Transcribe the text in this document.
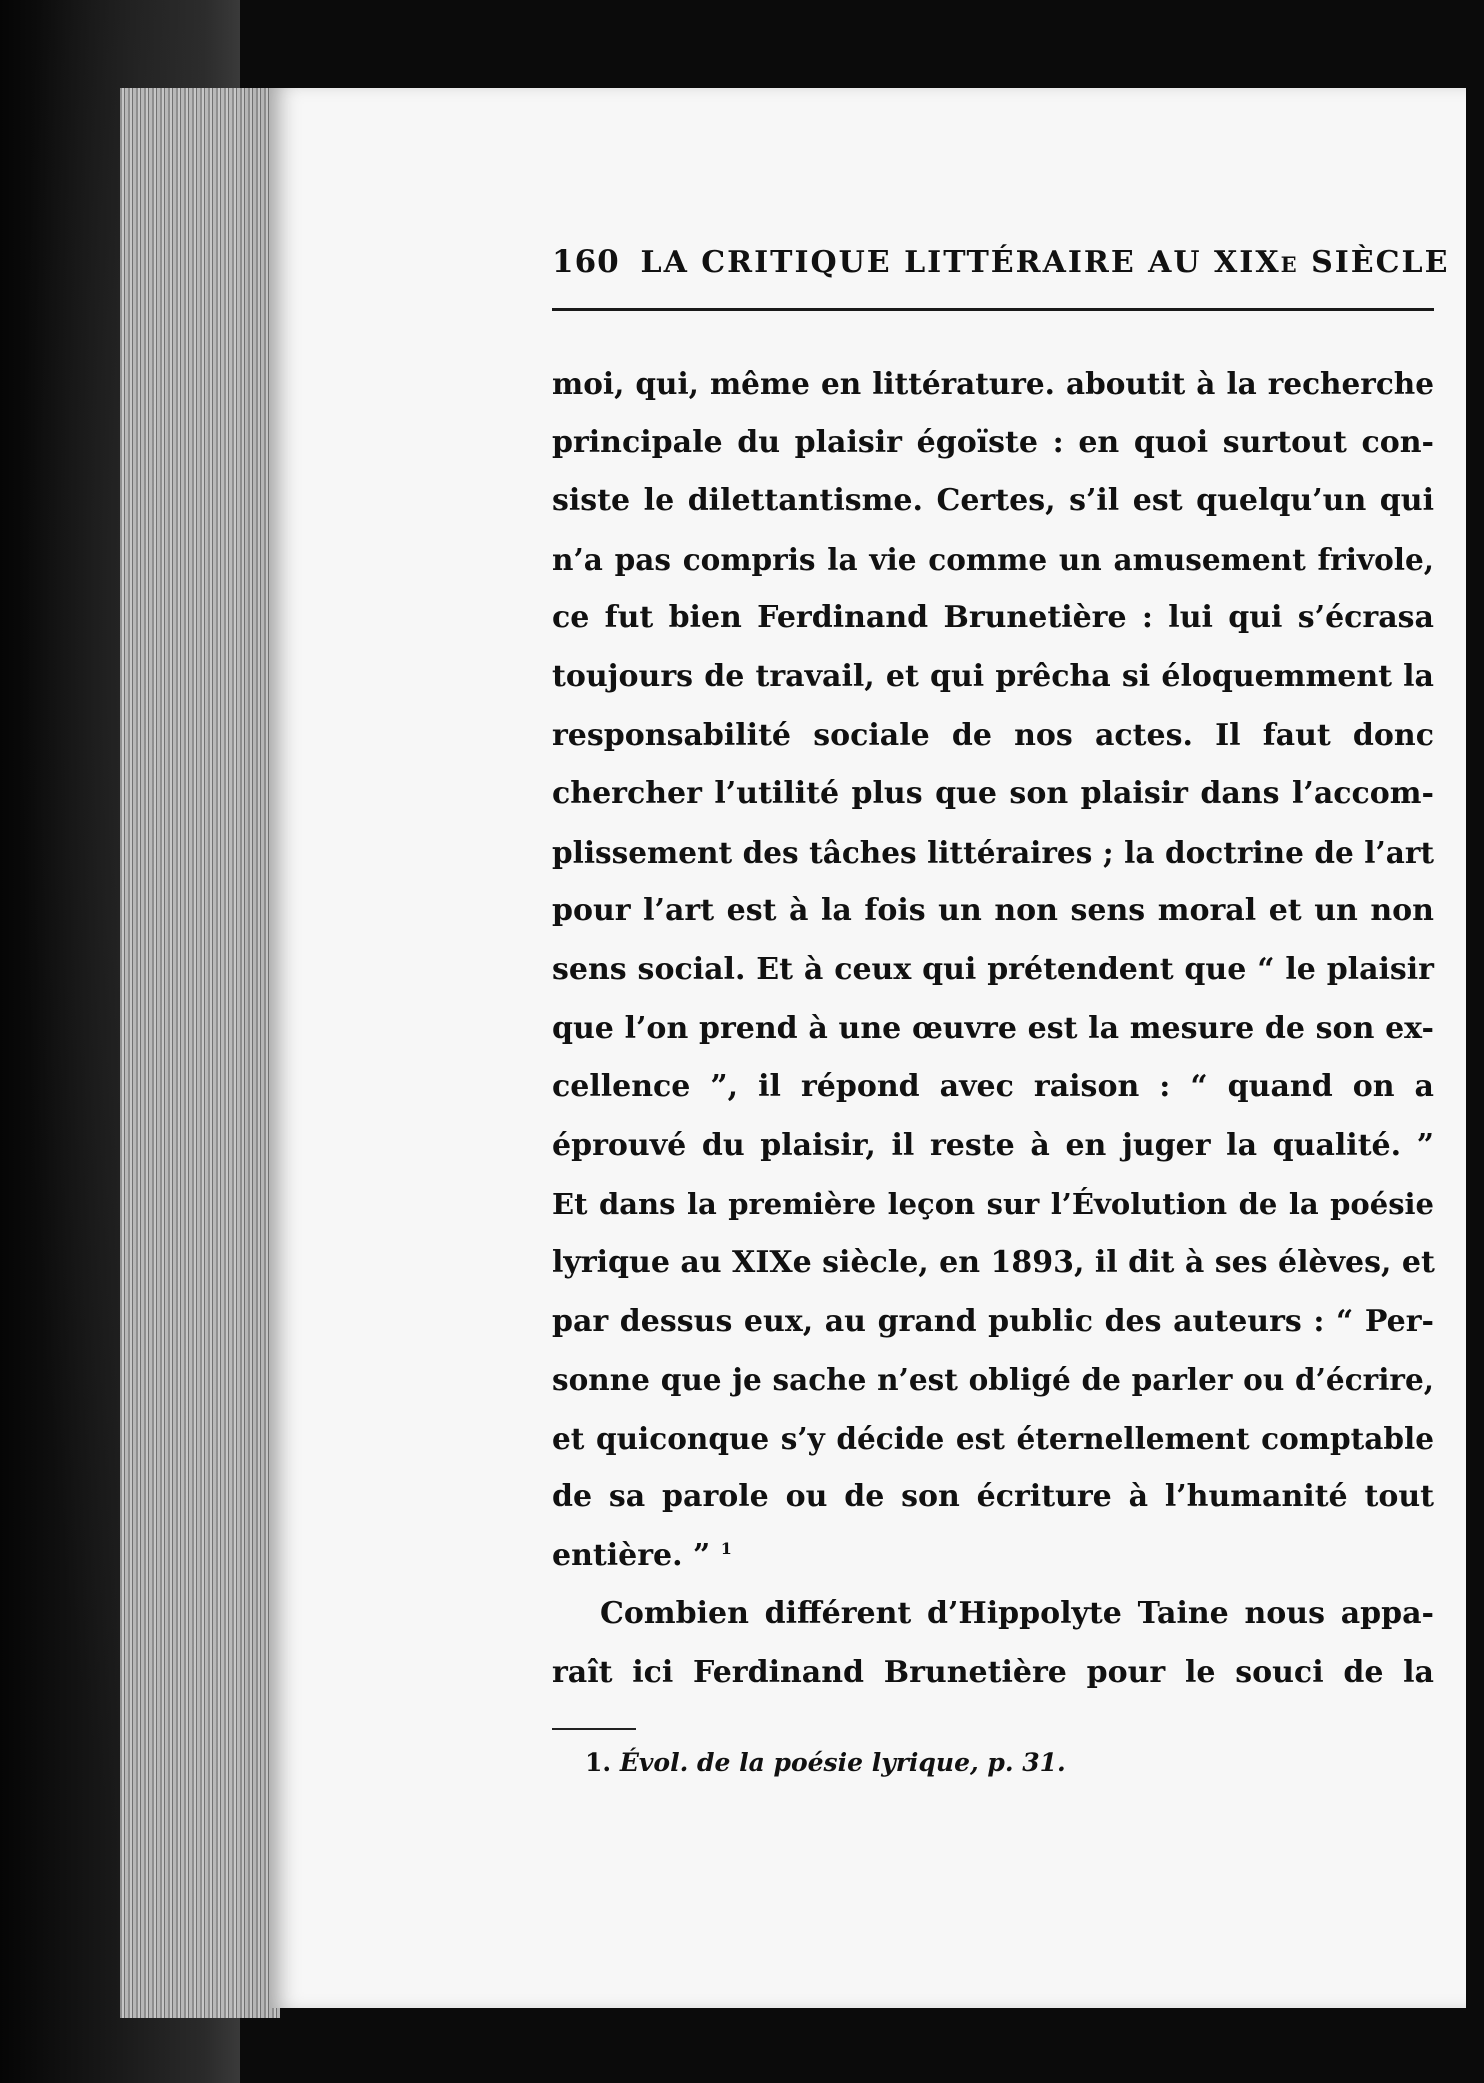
160 LA CRITIQUE LITTÉRAIRE AU XIXe SIÈCLE
moi, qui, même en littérature. aboutit à la recherche
principale du plaisir égoïste : en quoi surtout con-
siste le dilettantisme. Certes, s’il est quelqu’un qui
n’a pas compris la vie comme un amusement frivole,
ce fut bien Ferdinand Brunetière : lui qui s’écrasa
toujours de travail, et qui prêcha si éloquemment la
responsabilité sociale de nos actes. Il faut donc
chercher l’utilité plus que son plaisir dans l’accom-
plissement des tâches littéraires ; la doctrine de l’art
pour l’art est à la fois un non sens moral et un non
sens social. Et à ceux qui prétendent que “ le plaisir
que l’on prend à une œuvre est la mesure de son ex-
cellence ”, il répond avec raison : “ quand on a
éprouvé du plaisir, il reste à en juger la qualité. ”
Et dans la première leçon sur l’Évolution de la poésie
lyrique au XIXe siècle, en 1893, il dit à ses élèves, et
par dessus eux, au grand public des auteurs : “ Per-
sonne que je sache n’est obligé de parler ou d’écrire,
et quiconque s’y décide est éternellement comptable
de sa parole ou de son écriture à l’humanité tout
entière. ” $^1$
Combien différent d’Hippolyte Taine nous appa-
raît ici Ferdinand Brunetière pour le souci de la
1. Évol. de la poésie lyrique, p. 31.
